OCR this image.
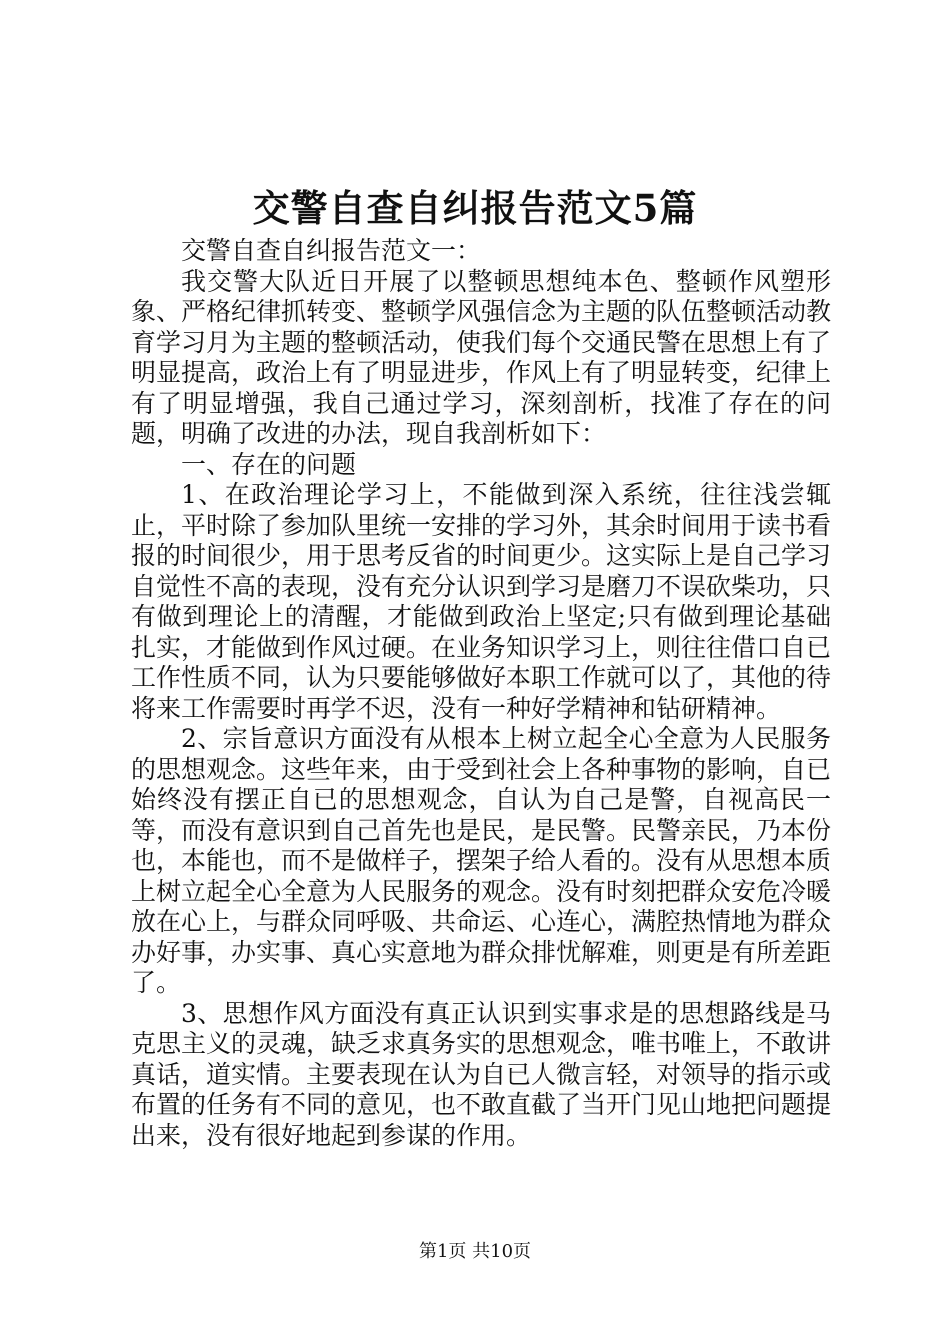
交警自查自纠报告范文5篇

交警自查自纠报告范文一：

我交警大队近日开展了以整顿思想纯本色、整顿作风塑形象、严格纪律抓转变、整顿学风强信念为主题的队伍整顿活动教育学习月为主题的整顿活动，使我们每个交通民警在思想上有了明显提高，政治上有了明显进步，作风上有了明显转变，纪律上有了明显增强，我自己通过学习，深刻剖析，找准了存在的问题，明确了改进的办法，现自我剖析如下：

一、存在的问题

1、在政治理论学习上，不能做到深入系统，往往浅尝辄止，平时除了参加队里统一安排的学习外，其余时间用于读书看报的时间很少，用于思考反省的时间更少。这实际上是自己学习自觉性不高的表现，没有充分认识到学习是磨刀不误砍柴功，只有做到理论上的清醒，才能做到政治上坚定;只有做到理论基础扎实，才能做到作风过硬。在业务知识学习上，则往往借口自已工作性质不同，认为只要能够做好本职工作就可以了，其他的待将来工作需要时再学不迟，没有一种好学精神和钻研精神。

2、宗旨意识方面没有从根本上树立起全心全意为人民服务的思想观念。这些年来，由于受到社会上各种事物的影响，自已始终没有摆正自已的思想观念，自认为自己是警，自视高民一等，而没有意识到自己首先也是民，是民警。民警亲民，乃本份也，本能也，而不是做样子，摆架子给人看的。没有从思想本质上树立起全心全意为人民服务的观念。没有时刻把群众安危冷暖放在心上，与群众同呼吸、共命运、心连心，满腔热情地为群众办好事，办实事、真心实意地为群众排忧解难，则更是有所差距了。

3、思想作风方面没有真正认识到实事求是的思想路线是马克思主义的灵魂，缺乏求真务实的思想观念，唯书唯上，不敢讲真话，道实情。主要表现在认为自已人微言轻，对领导的指示或布置的任务有不同的意见，也不敢直截了当开门见山地把问题提出来，没有很好地起到参谋的作用。

第1页 共10页
